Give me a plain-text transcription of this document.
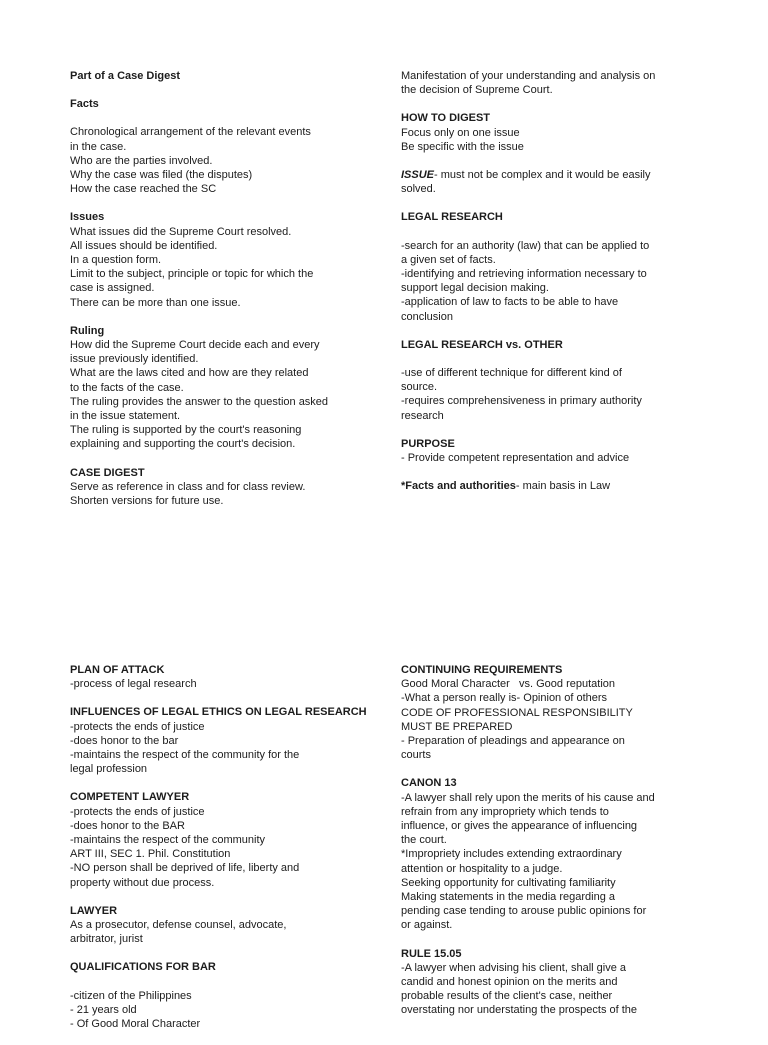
Part of a Case Digest
Facts
Chronological arrangement of the relevant events
in the case.
Who are the parties involved.
Why the case was filed (the disputes)
How the case reached the SC
Issues
What issues did the Supreme Court resolved.
All issues should be identified.
In a question form.
Limit to the subject, principle or topic for which the
case is assigned.
There can be more than one issue.
Ruling
How did the Supreme Court decide each and every
issue previously identified.
What are the laws cited and how are they related
to the facts of the case.
The ruling provides the answer to the question asked
in the issue statement.
The ruling is supported by the court's reasoning
explaining and supporting the court's decision.
CASE DIGEST
Serve as reference in class and for class review.
Shorten versions for future use.
Manifestation of your understanding and analysis on
the decision of Supreme Court.
HOW TO DIGEST
Focus only on one issue
Be specific with the issue
ISSUE- must not be complex and it would be easily
solved.
LEGAL RESEARCH
-search for an authority (law) that can be applied to
a given set of facts.
-identifying and retrieving information necessary to
support legal decision making.
-application of law to facts to be able to have
conclusion
LEGAL RESEARCH vs. OTHER
-use of different technique for different kind of
source.
-requires comprehensiveness in primary authority
research
PURPOSE
- Provide competent representation and advice
*Facts and authorities- main basis in Law
PLAN OF ATTACK
-process of legal research
INFLUENCES OF LEGAL ETHICS ON LEGAL RESEARCH
-protects the ends of justice
-does honor to the bar
-maintains the respect of the community for the
legal profession
COMPETENT LAWYER
-protects the ends of justice
-does honor to the BAR
-maintains the respect of the community
ART III, SEC 1. Phil. Constitution
-NO person shall be deprived of life, liberty and
property without due process.
LAWYER
As a prosecutor, defense counsel, advocate,
arbitrator, jurist
QUALIFICATIONS FOR BAR
-citizen of the Philippines
- 21 years old
- Of Good Moral Character
CONTINUING REQUIREMENTS
Good Moral Character   vs. Good reputation
-What a person really is- Opinion of others
CODE OF PROFESSIONAL RESPONSIBILITY
MUST BE PREPARED
- Preparation of pleadings and appearance on
courts
CANON 13
-A lawyer shall rely upon the merits of his cause and
refrain from any impropriety which tends to
influence, or gives the appearance of influencing
the court.
*Impropriety includes extending extraordinary
attention or hospitality to a judge.
Seeking opportunity for cultivating familiarity
Making statements in the media regarding a
pending case tending to arouse public opinions for
or against.
RULE 15.05
-A lawyer when advising his client, shall give a
candid and honest opinion on the merits and
probable results of the client's case, neither
overstating nor understating the prospects of the
